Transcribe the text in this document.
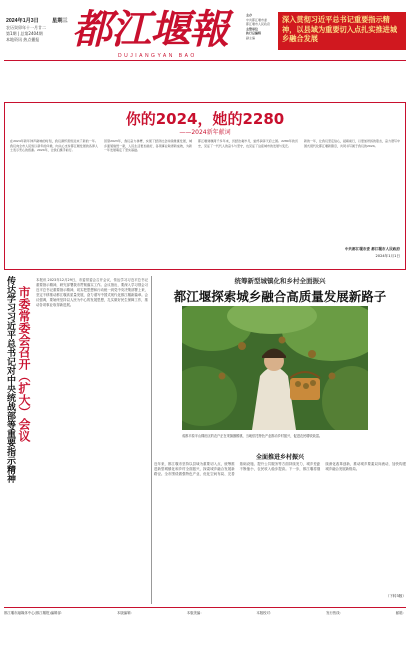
2024年1月3日	星期三
农历癸卯年十一月廿二
第1期 | 总第2404期
本地资讯 热点播报 都江堰報
DUJIANGYAN BAO
主办
中共都江堰市委
都江堰市人民政府
主管单位
执行总编辑
副主编
深入贯彻习近平总书记重要指示精神，以县域为重要切入点扎实推进城乡融合发展
你的2024，她的2280
——2024新年献词
在2024年新年钟声敲响的时刻，我们满怀喜悦迎来了新的一年。我们向全市人民致以新年的问候，向关心支持都江堰发展的各界人士表示衷心的感谢。2024年，让我们携手前行。
回望2023年，我们奋力拼搏，实现了经济社会持续健康发展，城乡面貌焕然一新，人民生活更加美好，各项事业取得新成效，为新一年发展奠定了坚实基础。
都江堰建堰两千多年来，历经沧桑岁月，始终润泽天府之国。2280年的历史，见证了一代代人的奋斗与坚守，也见证了这座城市的发展与变迁。
新的一年，让我们坚定信心，砥砺前行，以更加昂扬的姿态，奋力谱写中国式现代化都江堰新篇章，共同书写属于我们的2024。
中共都江堰市委 都江堰市人民政府
2024年1月1日
传达学习习近平总书记对中央统战部等重要指示精神 市委常委会召开（扩大）会议
本报讯 2023年12月29日，市委常委会召开会议，传达学习习近平总书记重要指示精神，研究部署我市贯彻落实工作。会议指出，要深入学习领会习近平总书记重要指示精神，切实把思想和行动统一到党中央决策部署上来，坚定不移推动都江堰高质量发展，奋力谱写中国式现代化都江堰新篇章。会议强调，要始终坚持以人民为中心的发展思想，扎实做好民生保障工作，推动各项事业取得新进展。
统筹新型城镇化和乡村全面振兴
都江堰探索城乡融合高质量发展新路子
成都平原半山梯田区的农户正在采摘猕猴桃，当地依托特色产业推动乡村振兴，促进农民增收致富。
全面推进乡村振兴
近年来，都江堰市坚持以县域为重要切入点，统筹推进新型城镇化和乡村全面振兴，探索城乡融合发展新路径。全市围绕做强特色产业、优化空间布局、完善基础设施、提升公共服务等方面持续发力，城乡差距不断缩小，农民收入稳步提高。下一步，都江堰将继续深化改革创新，推动城乡要素双向流动，加快构建城乡融合发展新格局。
（下转3版）
都江堰市融媒体中心(都江堰报)编辑部：	本版编辑：	本版美编：	本版校对：	发行热线：	邮箱：
